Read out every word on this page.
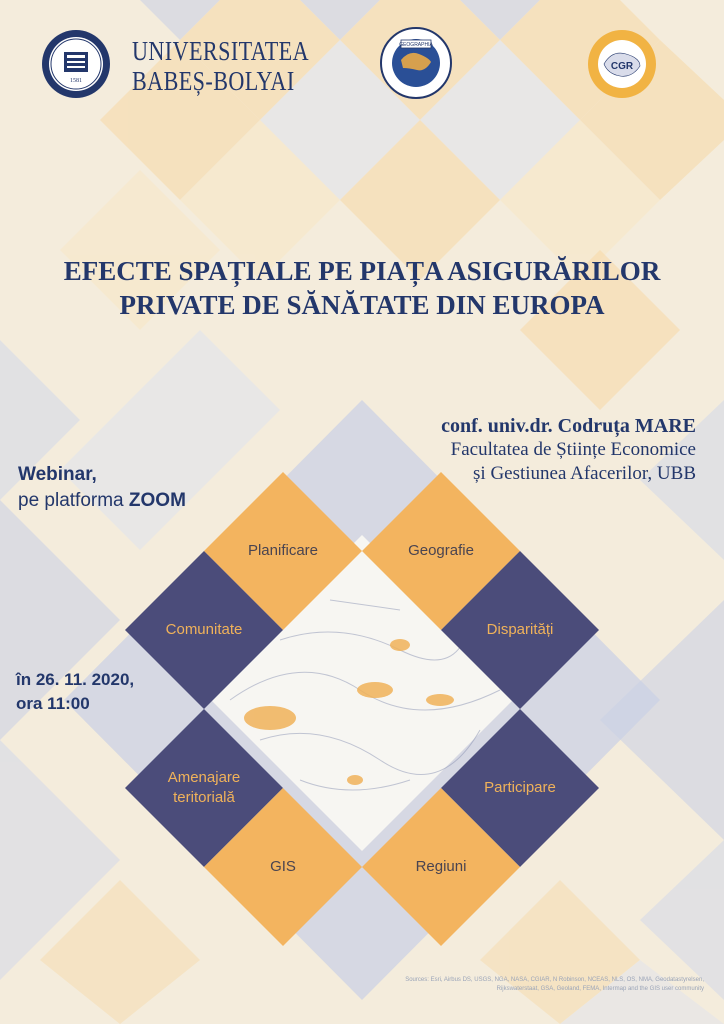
1581
UNIVERSITATEA
BABEȘ-BOLYAI
GEOGRAPHIA
CGR
EFECTE SPAȚIALE PE PIAȚA ASIGURĂRILOR
PRIVATE DE SĂNĂTATE DIN EUROPA
conf. univ.dr. Codruța MARE
Facultatea de Științe Economice
și Gestiunea Afacerilor, UBB
Webinar,
pe platforma ZOOM
în 26. 11. 2020,
ora 11:00
Planificare	Geografie
Comunitate	Disparități
Amenajare
teritorială
Participare
GIS	Regiuni
Sources: Esri, Airbus DS, USGS, NGA, NASA, CGIAR, N Robinson, NCEAS, NLS, OS, NMA, Geodatastyrelsen,
Rijkswaterstaat, GSA, Geoland, FEMA, Intermap and the GIS user community
